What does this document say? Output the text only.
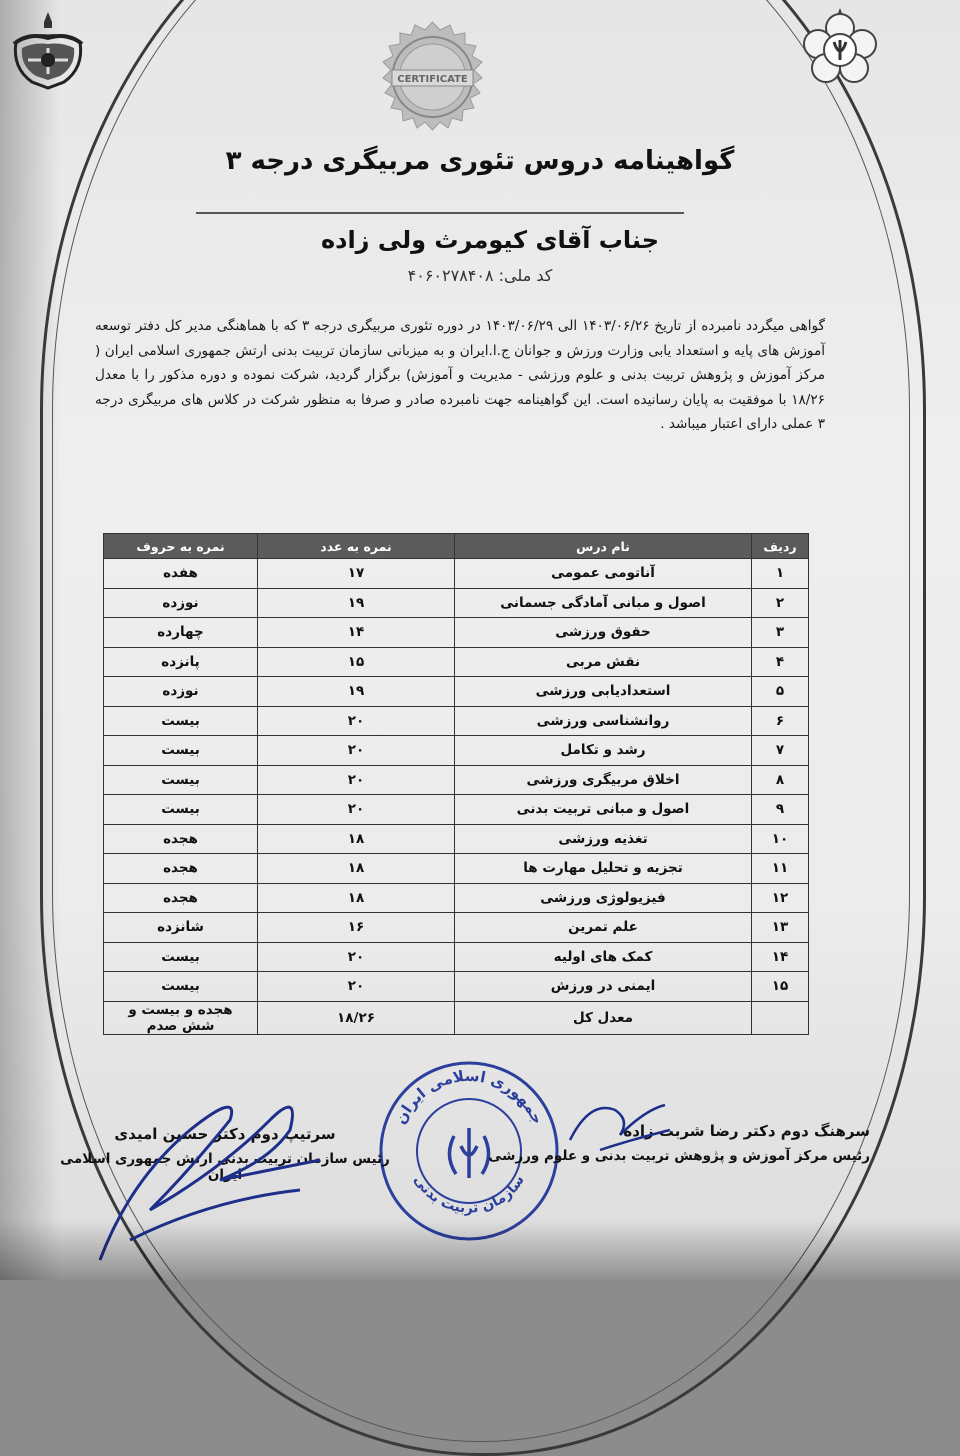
CERTIFICATE
گواهینامه دروس تئوری مربیگری درجه ۳
جناب آقای کیومرث ولی زاده
کد ملی: ۴۰۶۰۲۷۸۴۰۸
گواهی میگردد نامبرده از تاریخ ۱۴۰۳/۰۶/۲۶ الی ۱۴۰۳/۰۶/۲۹ در دوره تئوری مربیگری درجه ۳ که با هماهنگی مدیر کل دفتر توسعه آموزش های پایه و استعداد یابی وزارت ورزش و جوانان ج.ا.ایران و به میزبانی سازمان تربیت بدنی ارتش جمهوری اسلامی ایران ( مرکز آموزش و پژوهش تربیت بدنی و علوم ورزشی - مدیریت و آموزش) برگزار گردید، شرکت نموده و دوره مذکور را با معدل ۱۸/۲۶ با موفقیت به پایان رسانیده است. این گواهینامه جهت نامبرده صادر و صرفا به منظور شرکت در کلاس های مربیگری درجه ۳ عملی دارای اعتبار میباشد .
ردیف	نام درس	نمره به عدد	نمره به حروف
۱	آناتومی عمومی	۱۷	هفده
۲	اصول و مبانی آمادگی جسمانی	۱۹	نوزده
۳	حقوق ورزشی	۱۴	چهارده
۴	نقش مربی	۱۵	پانزده
۵	استعدادیابی ورزشی	۱۹	نوزده
۶	روانشناسی ورزشی	۲۰	بیست
۷	رشد و تکامل	۲۰	بیست
۸	اخلاق مربیگری ورزشی	۲۰	بیست
۹	اصول و مبانی تربیت بدنی	۲۰	بیست
۱۰	تغذیه ورزشی	۱۸	هجده
۱۱	تجزیه و تحلیل مهارت ها	۱۸	هجده
۱۲	فیزیولوژی ورزشی	۱۸	هجده
۱۳	علم تمرین	۱۶	شانزده
۱۴	کمک های اولیه	۲۰	بیست
۱۵	ایمنی در ورزش	۲۰	بیست
	معدل کل	۱۸/۲۶	هجده و بیست و شش صدم
جمهوری اسلامی ایران
سازمان تربیت بدنی
سرهنگ دوم دکتر رضا شربت زاده
رئیس مرکز آموزش و پژوهش تربیت بدنی و علوم ورزشی
سرتیپ دوم دکتر حسین امیدی
رئیس سازمان تربیت بدنی ارتش جمهوری اسلامی ایران
